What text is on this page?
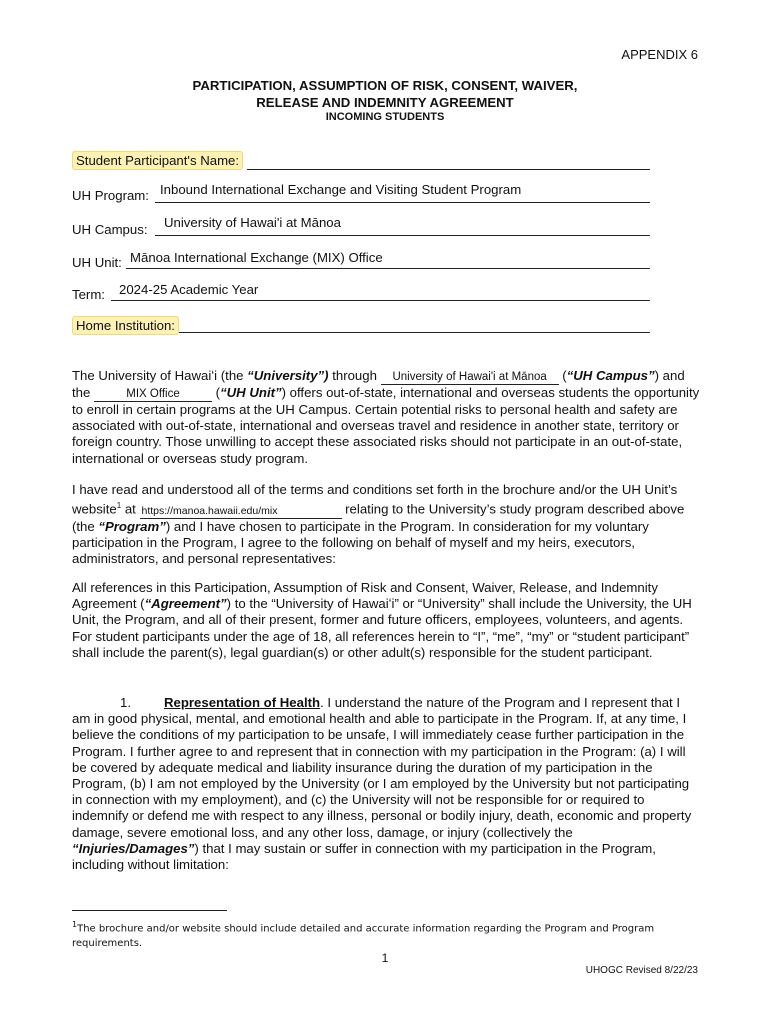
APPENDIX 6
PARTICIPATION, ASSUMPTION OF RISK, CONSENT, WAIVER,
RELEASE AND INDEMNITY AGREEMENT
INCOMING STUDENTS
Student Participant's Name:
UH Program: Inbound International Exchange and Visiting Student Program
UH Campus: University of Hawai'i at Mānoa
UH Unit: Mānoa International Exchange (MIX) Office
Term: 2024-25 Academic Year
Home Institution:

The University of Hawaiʻi (the “University”) through University of Hawai'i at Mānoa (“UH Campus”) and the	MIX Office (“UH Unit”) offers out-of-state, international and overseas students the opportunity to enroll in certain programs at the UH Campus. Certain potential risks to personal health and safety are associated with out-of-state, international and overseas travel and residence in another state, territory or foreign country. Those unwilling to accept these associated risks should not participate in an out-of-state, international or overseas study program.

I have read and understood all of the terms and conditions set forth in the brochure and/or the UH Unit’s website$^1$ at https://manoa.hawaii.edu/mix	relating to the University’s study program described above (the “Program”) and I have chosen to participate in the Program. In consideration for my voluntary participation in the Program, I agree to the following on behalf of myself and my heirs, executors, administrators, and personal representatives:

All references in this Participation, Assumption of Risk and Consent, Waiver, Release, and Indemnity Agreement (“Agreement”) to the “University of Hawaiʻi” or “University” shall include the University, the UH Unit, the Program, and all of their present, former and future officers, employees, volunteers, and agents. For student participants under the age of 18, all references herein to “I”, “me”, “my” or “student participant” shall include the parent(s), legal guardian(s) or other adult(s) responsible for the student participant.

1.	Representation of Health. I understand the nature of the Program and I represent that I am in good physical, mental, and emotional health and able to participate in the Program. If, at any time, I believe the conditions of my participation to be unsafe, I will immediately cease further participation in the Program. I further agree to and represent that in connection with my participation in the Program: (a) I will be covered by adequate medical and liability insurance during the duration of my participation in the Program, (b) I am not employed by the University (or I am employed by the University but not participating in connection with my employment), and (c) the University will not be responsible for or required to indemnify or defend me with respect to any illness, personal or bodily injury, death, economic and property damage, severe emotional loss, and any other loss, damage, or injury (collectively the “Injuries/Damages”) that I may sustain or suffer in connection with my participation in the Program, including without limitation:

$^1$The brochure and/or website should include detailed and accurate information regarding the Program and Program requirements.
1
UHOGC Revised 8/22/23
